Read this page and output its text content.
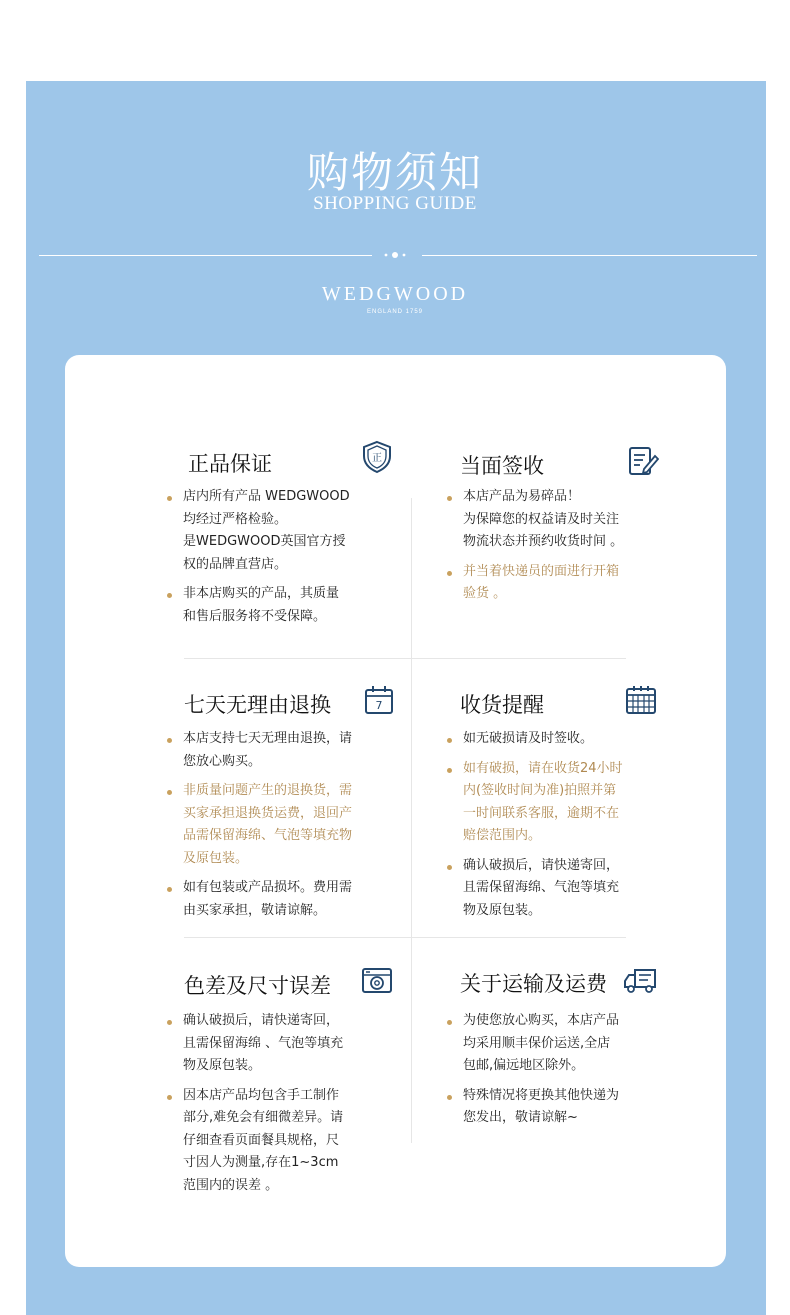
购物须知
SHOPPING GUIDE
WEDGWOOD
ENGLAND 1759
正品保证	正
店内所有产品 WEDGWOOD
均经过严格检验。
是WEDGWOOD英国官方授
权的品牌直营店。
非本店购买的产品，其质量
和售后服务将不受保障。
当面签收
本店产品为易碎品！
为保障您的权益请及时关注
物流状态并预约收货时间 。
并当着快递员的面进行开箱
验货 。
七天无理由退换	7
本店支持七天无理由退换，请
您放心购买。
非质量问题产生的退换货，需
买家承担退换货运费，退回产
品需保留海绵、气泡等填充物
及原包装。
如有包装或产品损坏。费用需
由买家承担，敬请谅解。
收货提醒
如无破损请及时签收。
如有破损，请在收货24小时
内(签收时间为准)拍照并第
一时间联系客服，逾期不在
赔偿范围内。
确认破损后，请快递寄回，
且需保留海绵、气泡等填充
物及原包装。
色差及尺寸误差
确认破损后，请快递寄回，
且需保留海绵 、气泡等填充
物及原包装。
因本店产品均包含手工制作
部分,难免会有细微差异。请
仔细查看页面餐具规格，尺
寸因人为测量,存在1~3cm
范围内的误差 。
关于运输及运费
为使您放心购买，本店产品
均采用顺丰保价运送,全店
包邮,偏远地区除外。
特殊情况将更换其他快递为
您发出，敬请谅解~
